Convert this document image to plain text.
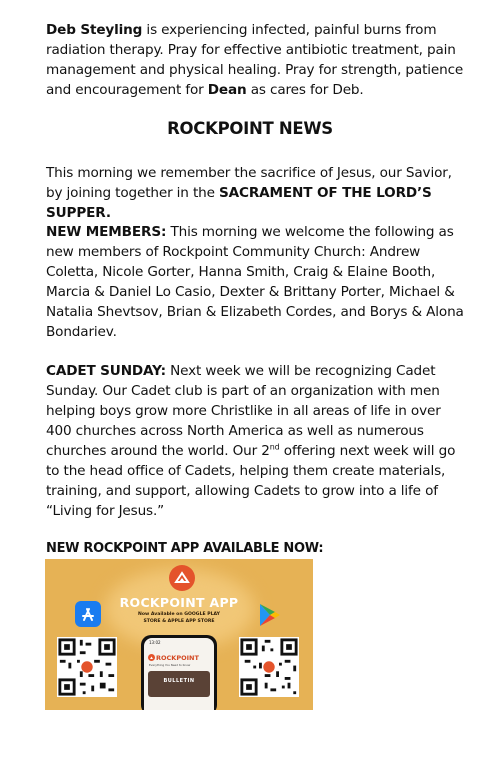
Deb Steyling is experiencing infected, painful burns from radiation therapy. Pray for effective antibiotic treatment, pain management and physical healing. Pray for strength, patience and encouragement for Dean as cares for Deb.
ROCKPOINT NEWS
This morning we remember the sacrifice of Jesus, our Savior, by joining together in the SACRAMENT OF THE LORD’S SUPPER.
NEW MEMBERS: This morning we welcome the following as new members of Rockpoint Community Church: Andrew Coletta, Nicole Gorter, Hanna Smith, Craig & Elaine Booth, Marcia & Daniel Lo Casio, Dexter & Brittany Porter, Michael & Natalia Shevtsov, Brian & Elizabeth Cordes, and Borys & Alona Bondariev.
CADET SUNDAY: Next week we will be recognizing Cadet Sunday. Our Cadet club is part of an organization with men helping boys grow more Christlike in all areas of life in over 400 churches across North America as well as numerous churches around the world. Our 2nd offering next week will go to the head office of Cadets, helping them create materials, training, and support, allowing Cadets to grow into a life of “Living for Jesus.”
NEW ROCKPOINT APP AVAILABLE NOW:
ROCKPOINT APP
Now Available on GOOGLE PLAY
STORE & APPLE APP STORE
13:02
ROCKPOINT
Everything You Need to Know
BULLETIN
